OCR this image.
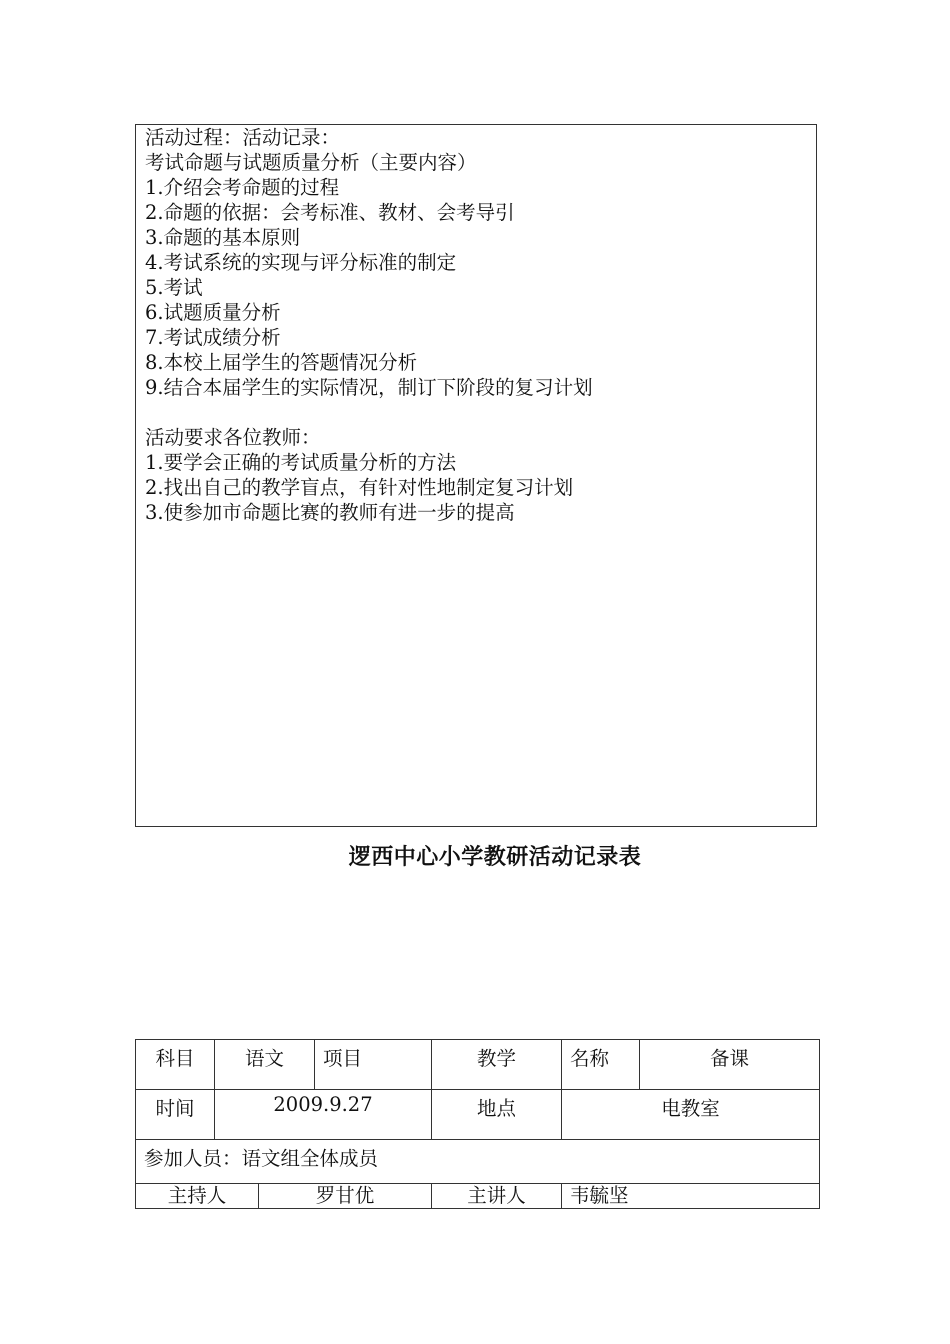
活动过程：活动记录：
考试命题与试题质量分析（主要内容）
1.介绍会考命题的过程
2.命题的依据：会考标准、教材、会考导引
3.命题的基本原则
4.考试系统的实现与评分标准的制定
5.考试
6.试题质量分析
7.考试成绩分析
8.本校上届学生的答题情况分析
9.结合本届学生的实际情况，制订下阶段的复习计划
活动要求各位教师：
1.要学会正确的考试质量分析的方法
2.找出自己的教学盲点，有针对性地制定复习计划
3.使参加市命题比赛的教师有进一步的提高
逻西中心小学教研活动记录表
科目	语文		项目	教学	名称	备课
时间	2009.9.27			地点	电教室	
参加人员：语文组全体成员						
主持人		罗甘优		主讲人	韦毓坚	
